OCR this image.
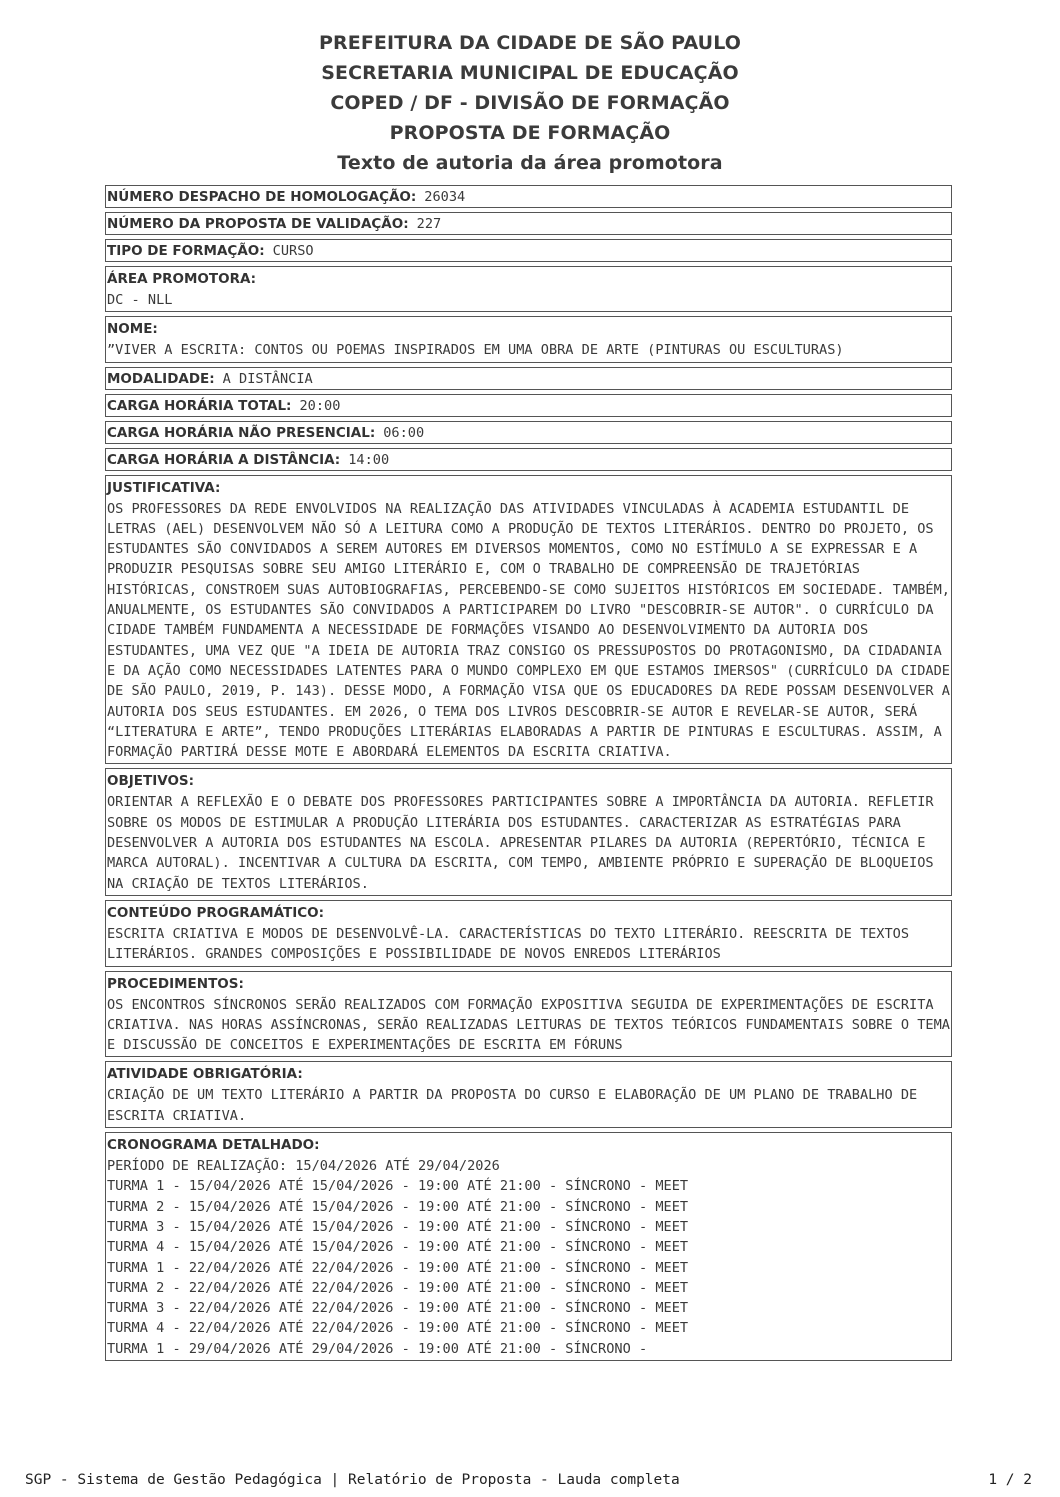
PREFEITURA DA CIDADE DE SÃO PAULO
SECRETARIA MUNICIPAL DE EDUCAÇÃO
COPED / DF - DIVISÃO DE FORMAÇÃO
PROPOSTA DE FORMAÇÃO
Texto de autoria da área promotora
NÚMERO DESPACHO DE HOMOLOGAÇÃO: 26034
NÚMERO DA PROPOSTA DE VALIDAÇÃO: 227
TIPO DE FORMAÇÃO: CURSO
ÁREA PROMOTORA:
DC - NLL
NOME:
”VIVER A ESCRITA: CONTOS OU POEMAS INSPIRADOS EM UMA OBRA DE ARTE (PINTURAS OU ESCULTURAS)
MODALIDADE: A DISTÂNCIA
CARGA HORÁRIA TOTAL: 20:00
CARGA HORÁRIA NÃO PRESENCIAL: 06:00
CARGA HORÁRIA A DISTÂNCIA: 14:00
JUSTIFICATIVA:
OS PROFESSORES DA REDE ENVOLVIDOS NA REALIZAÇÃO DAS ATIVIDADES VINCULADAS À ACADEMIA ESTUDANTIL DE LETRAS (AEL) DESENVOLVEM NÃO SÓ A LEITURA COMO A PRODUÇÃO DE TEXTOS LITERÁRIOS. DENTRO DO PROJETO, OS ESTUDANTES SÃO CONVIDADOS A SEREM AUTORES EM DIVERSOS MOMENTOS, COMO NO ESTÍMULO A SE EXPRESSAR E A PRODUZIR PESQUISAS SOBRE SEU AMIGO LITERÁRIO E, COM O TRABALHO DE COMPREENSÃO DE TRAJETÓRIAS HISTÓRICAS, CONSTROEM SUAS AUTOBIOGRAFIAS, PERCEBENDO-SE COMO SUJEITOS HISTÓRICOS EM SOCIEDADE. TAMBÉM, ANUALMENTE, OS ESTUDANTES SÃO CONVIDADOS A PARTICIPAREM DO LIVRO "DESCOBRIR-SE AUTOR". O CURRÍCULO DA CIDADE TAMBÉM FUNDAMENTA A NECESSIDADE DE FORMAÇÕES VISANDO AO DESENVOLVIMENTO DA AUTORIA DOS ESTUDANTES, UMA VEZ QUE "A IDEIA DE AUTORIA TRAZ CONSIGO OS PRESSUPOSTOS DO PROTAGONISMO, DA CIDADANIA E DA AÇÃO COMO NECESSIDADES LATENTES PARA O MUNDO COMPLEXO EM QUE ESTAMOS IMERSOS" (CURRÍCULO DA CIDADE DE SÃO PAULO, 2019, P. 143). DESSE MODO, A FORMAÇÃO VISA QUE OS EDUCADORES DA REDE POSSAM DESENVOLVER A AUTORIA DOS SEUS ESTUDANTES. EM 2026, O TEMA DOS LIVROS DESCOBRIR-SE AUTOR E REVELAR-SE AUTOR, SERÁ “LITERATURA E ARTE”, TENDO PRODUÇÕES LITERÁRIAS ELABORADAS A PARTIR DE PINTURAS E ESCULTURAS. ASSIM, A FORMAÇÃO PARTIRÁ DESSE MOTE E ABORDARÁ ELEMENTOS DA ESCRITA CRIATIVA.
OBJETIVOS:
ORIENTAR A REFLEXÃO E O DEBATE DOS PROFESSORES PARTICIPANTES SOBRE A IMPORTÂNCIA DA AUTORIA. REFLETIR SOBRE OS MODOS DE ESTIMULAR A PRODUÇÃO LITERÁRIA DOS ESTUDANTES. CARACTERIZAR AS ESTRATÉGIAS PARA DESENVOLVER A AUTORIA DOS ESTUDANTES NA ESCOLA. APRESENTAR PILARES DA AUTORIA (REPERTÓRIO, TÉCNICA E MARCA AUTORAL). INCENTIVAR A CULTURA DA ESCRITA, COM TEMPO, AMBIENTE PRÓPRIO E SUPERAÇÃO DE BLOQUEIOS NA CRIAÇÃO DE TEXTOS LITERÁRIOS.
CONTEÚDO PROGRAMÁTICO:
ESCRITA CRIATIVA E MODOS DE DESENVOLVÊ-LA. CARACTERÍSTICAS DO TEXTO LITERÁRIO. REESCRITA DE TEXTOS LITERÁRIOS. GRANDES COMPOSIÇÕES E POSSIBILIDADE DE NOVOS ENREDOS LITERÁRIOS
PROCEDIMENTOS:
OS ENCONTROS SÍNCRONOS SERÃO REALIZADOS COM FORMAÇÃO EXPOSITIVA SEGUIDA DE EXPERIMENTAÇÕES DE ESCRITA CRIATIVA. NAS HORAS ASSÍNCRONAS, SERÃO REALIZADAS LEITURAS DE TEXTOS TEÓRICOS FUNDAMENTAIS SOBRE O TEMA E DISCUSSÃO DE CONCEITOS E EXPERIMENTAÇÕES DE ESCRITA EM FÓRUNS
ATIVIDADE OBRIGATÓRIA:
CRIAÇÃO DE UM TEXTO LITERÁRIO A PARTIR DA PROPOSTA DO CURSO E ELABORAÇÃO DE UM PLANO DE TRABALHO DE ESCRITA CRIATIVA.
CRONOGRAMA DETALHADO:
PERÍODO DE REALIZAÇÃO: 15/04/2026 ATÉ 29/04/2026
TURMA 1 - 15/04/2026 ATÉ 15/04/2026 - 19:00 ATÉ 21:00 - SÍNCRONO - MEET
TURMA 2 - 15/04/2026 ATÉ 15/04/2026 - 19:00 ATÉ 21:00 - SÍNCRONO - MEET
TURMA 3 - 15/04/2026 ATÉ 15/04/2026 - 19:00 ATÉ 21:00 - SÍNCRONO - MEET
TURMA 4 - 15/04/2026 ATÉ 15/04/2026 - 19:00 ATÉ 21:00 - SÍNCRONO - MEET
TURMA 1 - 22/04/2026 ATÉ 22/04/2026 - 19:00 ATÉ 21:00 - SÍNCRONO - MEET
TURMA 2 - 22/04/2026 ATÉ 22/04/2026 - 19:00 ATÉ 21:00 - SÍNCRONO - MEET
TURMA 3 - 22/04/2026 ATÉ 22/04/2026 - 19:00 ATÉ 21:00 - SÍNCRONO - MEET
TURMA 4 - 22/04/2026 ATÉ 22/04/2026 - 19:00 ATÉ 21:00 - SÍNCRONO - MEET
TURMA 1 - 29/04/2026 ATÉ 29/04/2026 - 19:00 ATÉ 21:00 - SÍNCRONO -
SGP - Sistema de Gestão Pedagógica | Relatório de Proposta - Lauda completa	1 / 2
